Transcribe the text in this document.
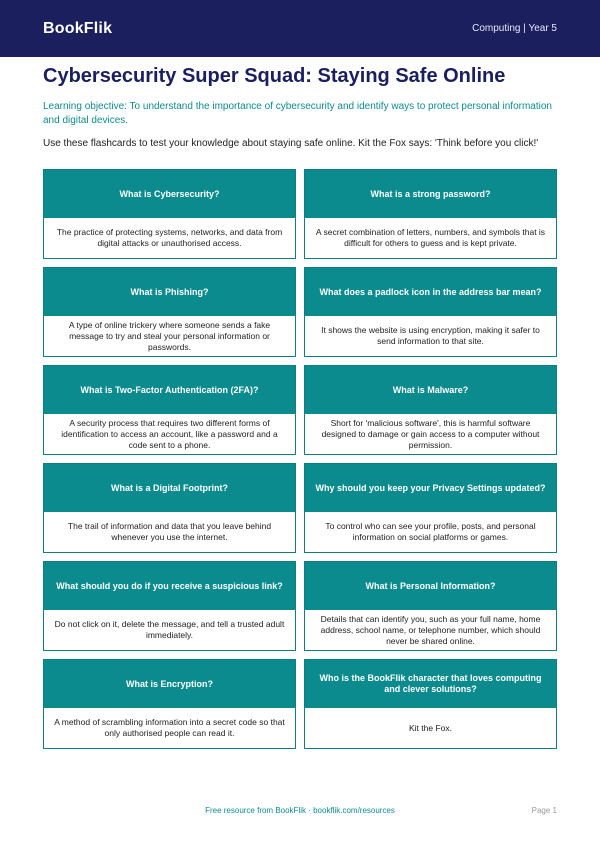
BookFlik	Computing | Year 5
Cybersecurity Super Squad: Staying Safe Online

Learning objective: To understand the importance of cybersecurity and identify ways to protect personal information and digital devices.

Use these flashcards to test your knowledge about staying safe online. Kit the Fox says: 'Think before you click!'

What is Cybersecurity?
The practice of protecting systems, networks, and data from digital attacks or unauthorised access.
What is a strong password?
A secret combination of letters, numbers, and symbols that is difficult for others to guess and is kept private.
What is Phishing?
A type of online trickery where someone sends a fake message to try and steal your personal information or passwords.
What does a padlock icon in the address bar mean?
It shows the website is using encryption, making it safer to send information to that site.
What is Two-Factor Authentication (2FA)?
A security process that requires two different forms of identification to access an account, like a password and a code sent to a phone.
What is Malware?
Short for 'malicious software', this is harmful software designed to damage or gain access to a computer without permission.
What is a Digital Footprint?
The trail of information and data that you leave behind whenever you use the internet.
Why should you keep your Privacy Settings updated?
To control who can see your profile, posts, and personal information on social platforms or games.
What should you do if you receive a suspicious link?
Do not click on it, delete the message, and tell a trusted adult immediately.
What is Personal Information?
Details that can identify you, such as your full name, home address, school name, or telephone number, which should never be shared online.
What is Encryption?
A method of scrambling information into a secret code so that only authorised people can read it.
Who is the BookFlik character that loves computing and clever solutions?
Kit the Fox.
Free resource from BookFlik · bookflik.com/resources	Page 1
